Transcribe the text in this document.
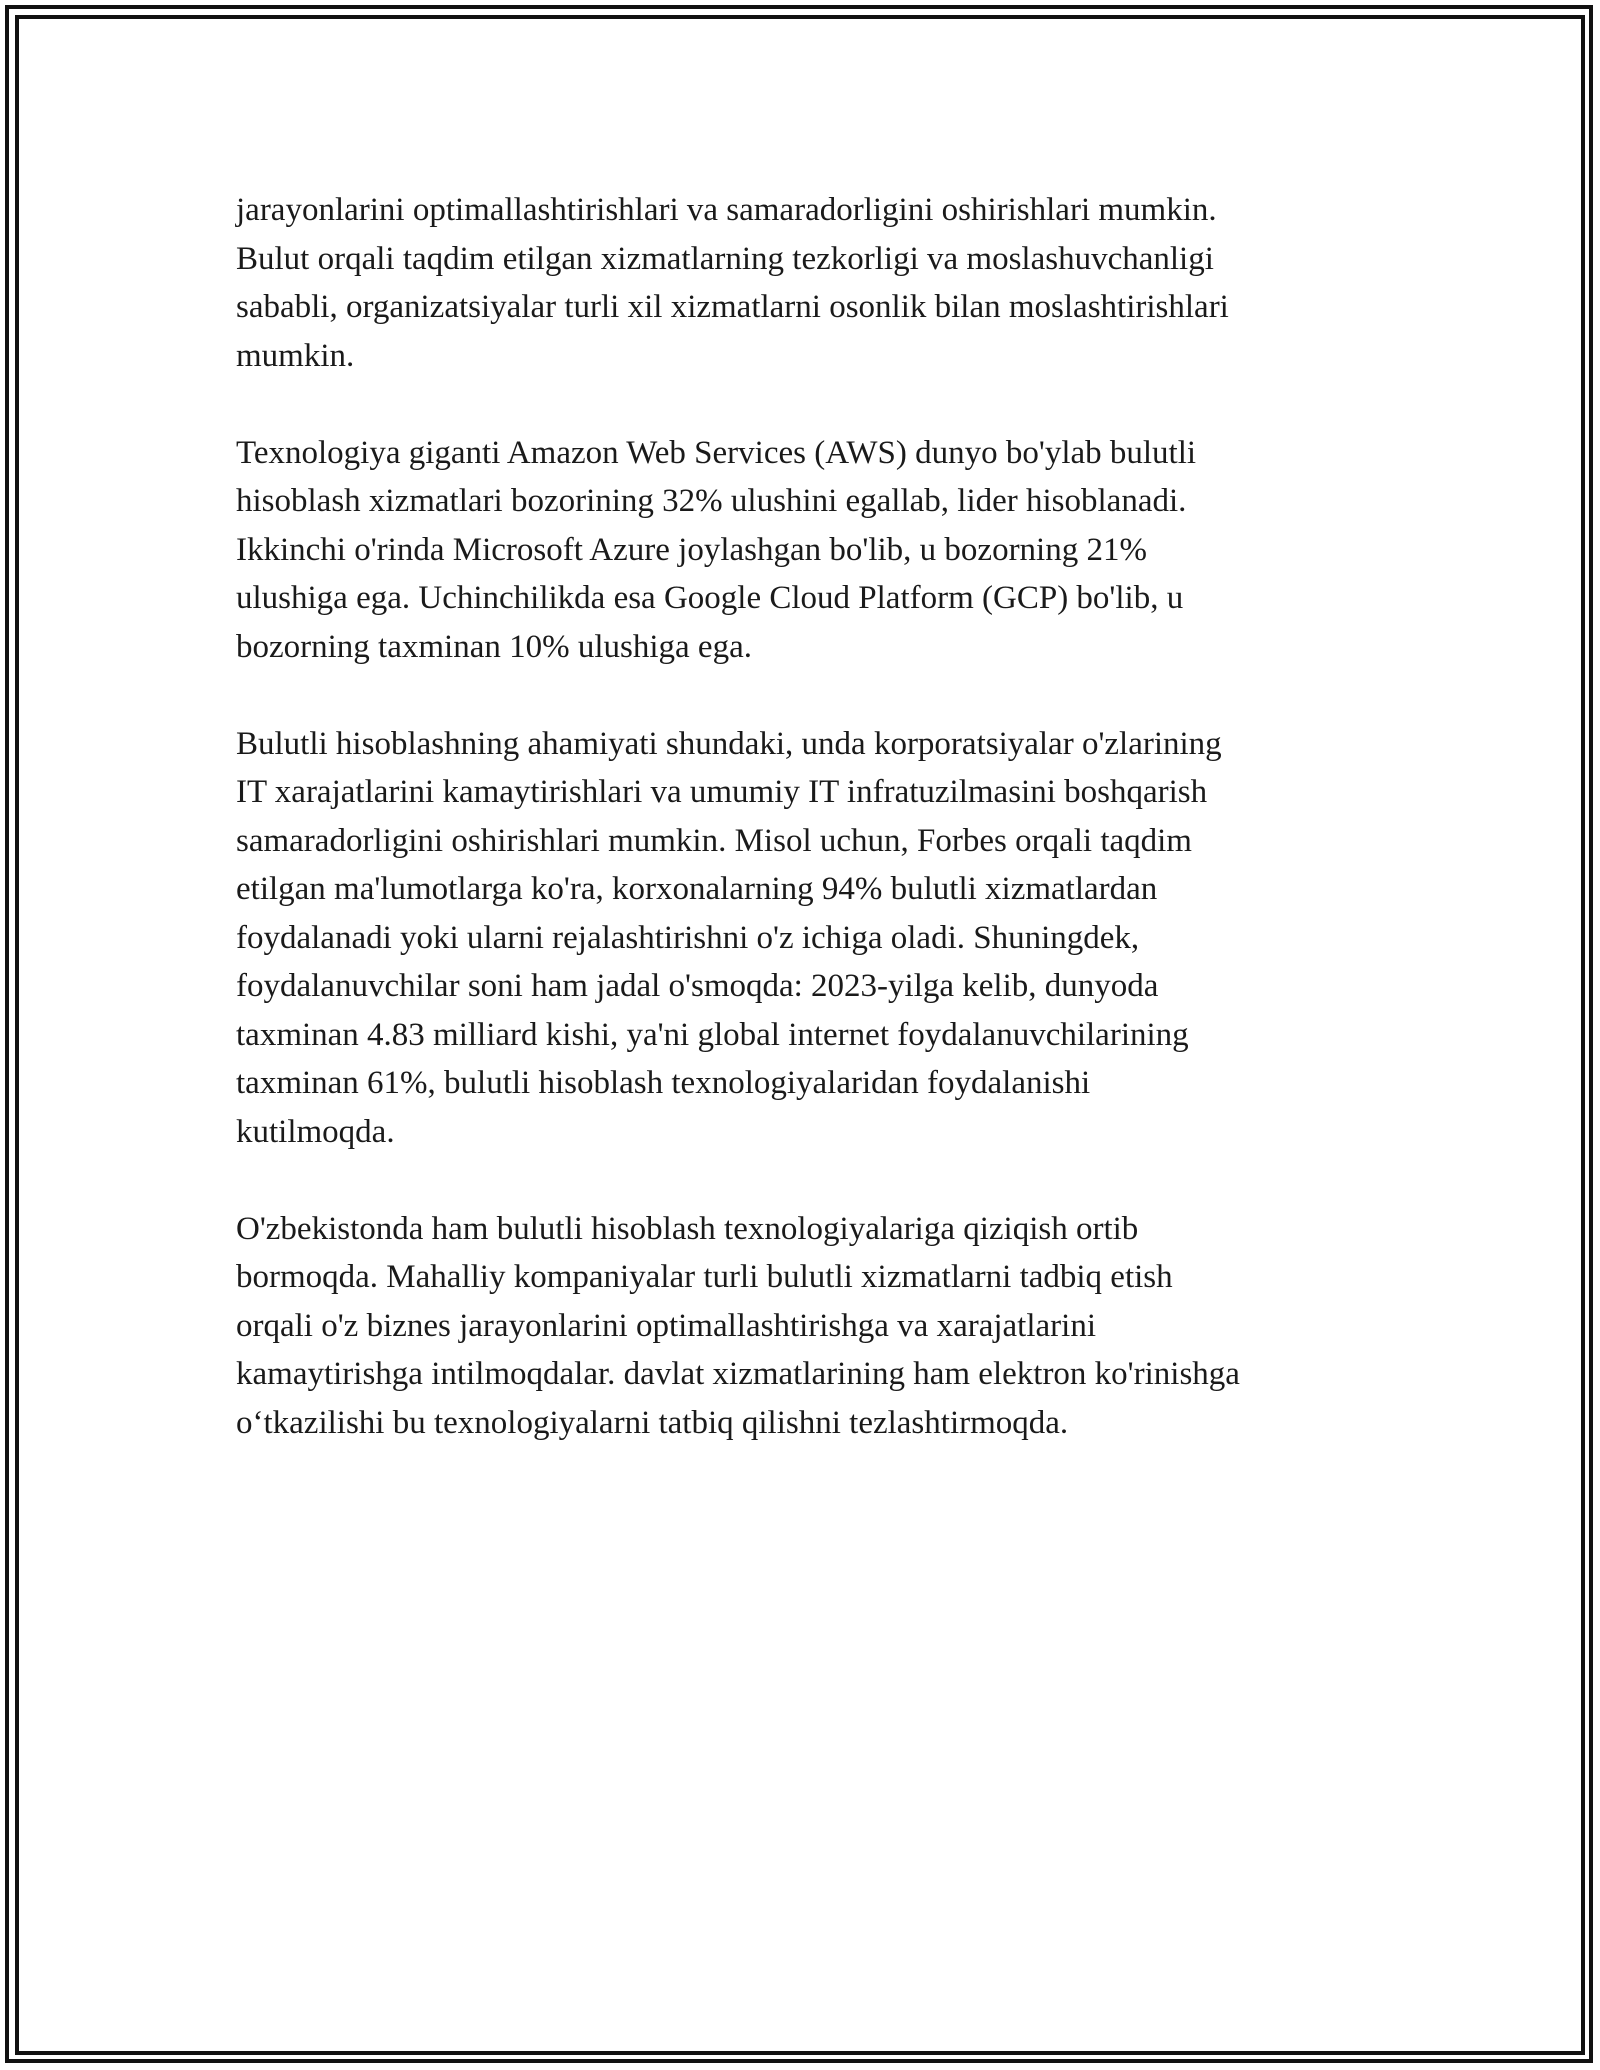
jarayonlarini optimallashtirishlari va samaradorligini oshirishlari mumkin.
Bulut orqali taqdim etilgan xizmatlarning tezkorligi va moslashuvchanligi
sababli, organizatsiyalar turli xil xizmatlarni osonlik bilan moslashtirishlari
mumkin.

Texnologiya giganti Amazon Web Services (AWS) dunyo bo'ylab bulutli
hisoblash xizmatlari bozorining 32% ulushini egallab, lider hisoblanadi.
Ikkinchi o'rinda Microsoft Azure joylashgan bo'lib, u bozorning 21%
ulushiga ega. Uchinchilikda esa Google Cloud Platform (GCP) bo'lib, u
bozorning taxminan 10% ulushiga ega.

Bulutli hisoblashning ahamiyati shundaki, unda korporatsiyalar o'zlarining
IT xarajatlarini kamaytirishlari va umumiy IT infratuzilmasini boshqarish
samaradorligini oshirishlari mumkin. Misol uchun, Forbes orqali taqdim
etilgan ma'lumotlarga ko'ra, korxonalarning 94% bulutli xizmatlardan
foydalanadi yoki ularni rejalashtirishni o'z ichiga oladi. Shuningdek,
foydalanuvchilar soni ham jadal o'smoqda: 2023-yilga kelib, dunyoda
taxminan 4.83 milliard kishi, ya'ni global internet foydalanuvchilarining
taxminan 61%, bulutli hisoblash texnologiyalaridan foydalanishi
kutilmoqda.

O'zbekistonda ham bulutli hisoblash texnologiyalariga qiziqish ortib
bormoqda. Mahalliy kompaniyalar turli bulutli xizmatlarni tadbiq etish
orqali o'z biznes jarayonlarini optimallashtirishga va xarajatlarini
kamaytirishga intilmoqdalar. davlat xizmatlarining ham elektron ko'rinishga
o‘tkazilishi bu texnologiyalarni tatbiq qilishni tezlashtirmoqda.
